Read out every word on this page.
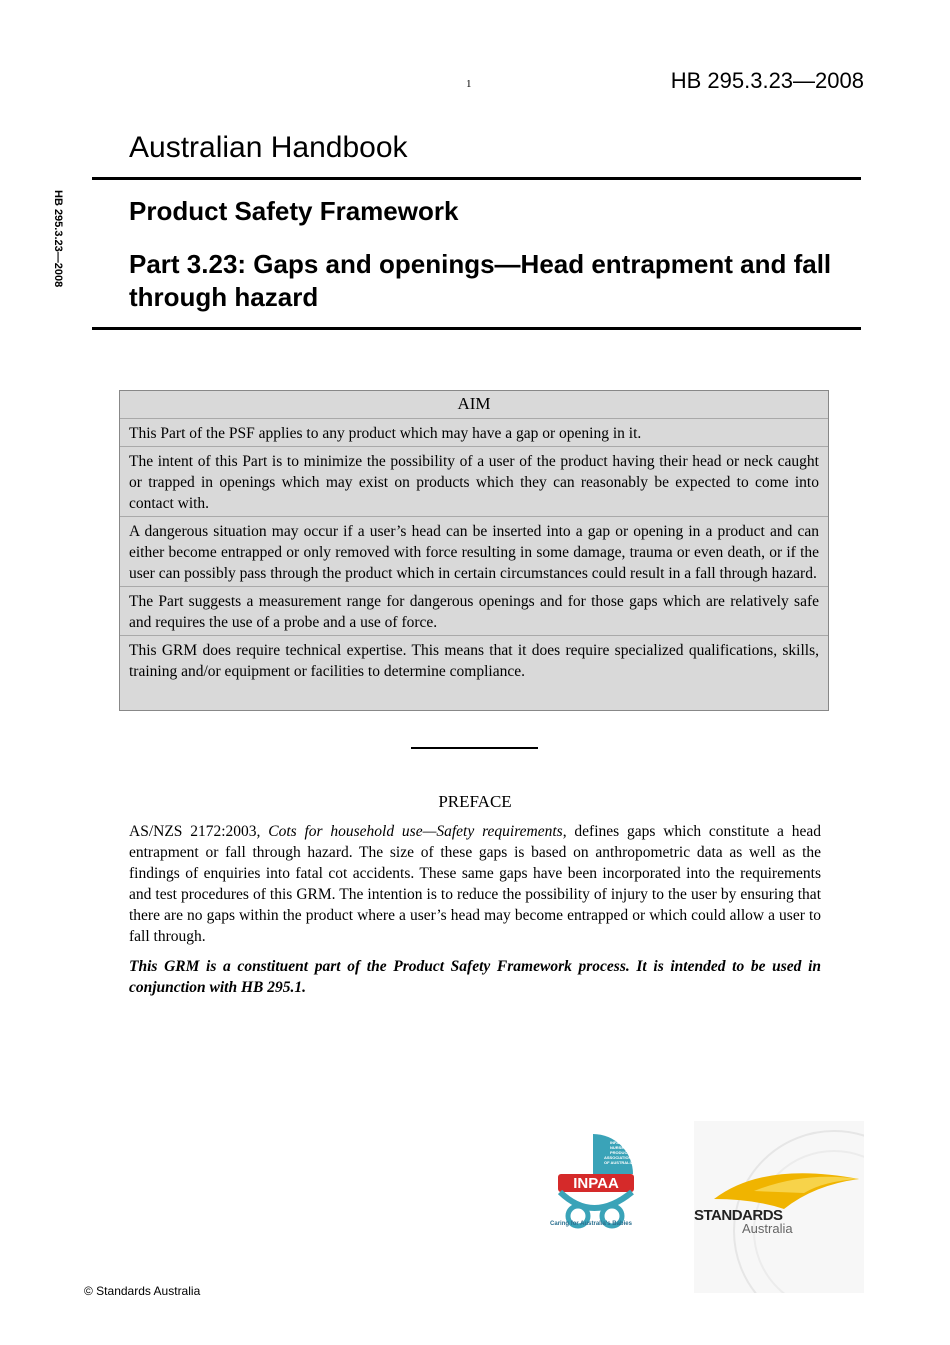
1	HB 295.3.23—2008
HB 295.3.23—2008
Australian Handbook
Product Safety Framework
Part 3.23: Gaps and openings—Head entrapment and fall through hazard
AIM
This Part of the PSF applies to any product which may have a gap or opening in it.
The intent of this Part is to minimize the possibility of a user of the product having their head or neck caught or trapped in openings which may exist on products which they can reasonably be expected to come into contact with.
A dangerous situation may occur if a user’s head can be inserted into a gap or opening in a product and can either become entrapped or only removed with force resulting in some damage, trauma or even death, or if the user can possibly pass through the product which in certain circumstances could result in a fall through hazard.
The Part suggests a measurement range for dangerous openings and for those gaps which are relatively safe and requires the use of a probe and a use of force.
This GRM does require technical expertise. This means that it does require specialized qualifications, skills, training and/or equipment or facilities to determine compliance.
PREFACE

AS/NZS 2172:2003, Cots for household use—Safety requirements, defines gaps which constitute a head entrapment or fall through hazard. The size of these gaps is based on anthropometric data as well as the findings of enquiries into fatal cot accidents. These same gaps have been incorporated into the requirements and test procedures of this GRM. The intention is to reduce the possibility of injury to the user by ensuring that there are no gaps within the product where a user’s head may become entrapped or which could allow a user to fall through.

This GRM is a constituent part of the Product Safety Framework process. It is intended to be used in conjunction with HB 295.1.

INPAA
INFANT &
NURSERY
PRODUCTS
ASSOCIATION
OF AUSTRALIA
Caring for Australia's Babies	STANDARDS
Australia
© Standards Australia
